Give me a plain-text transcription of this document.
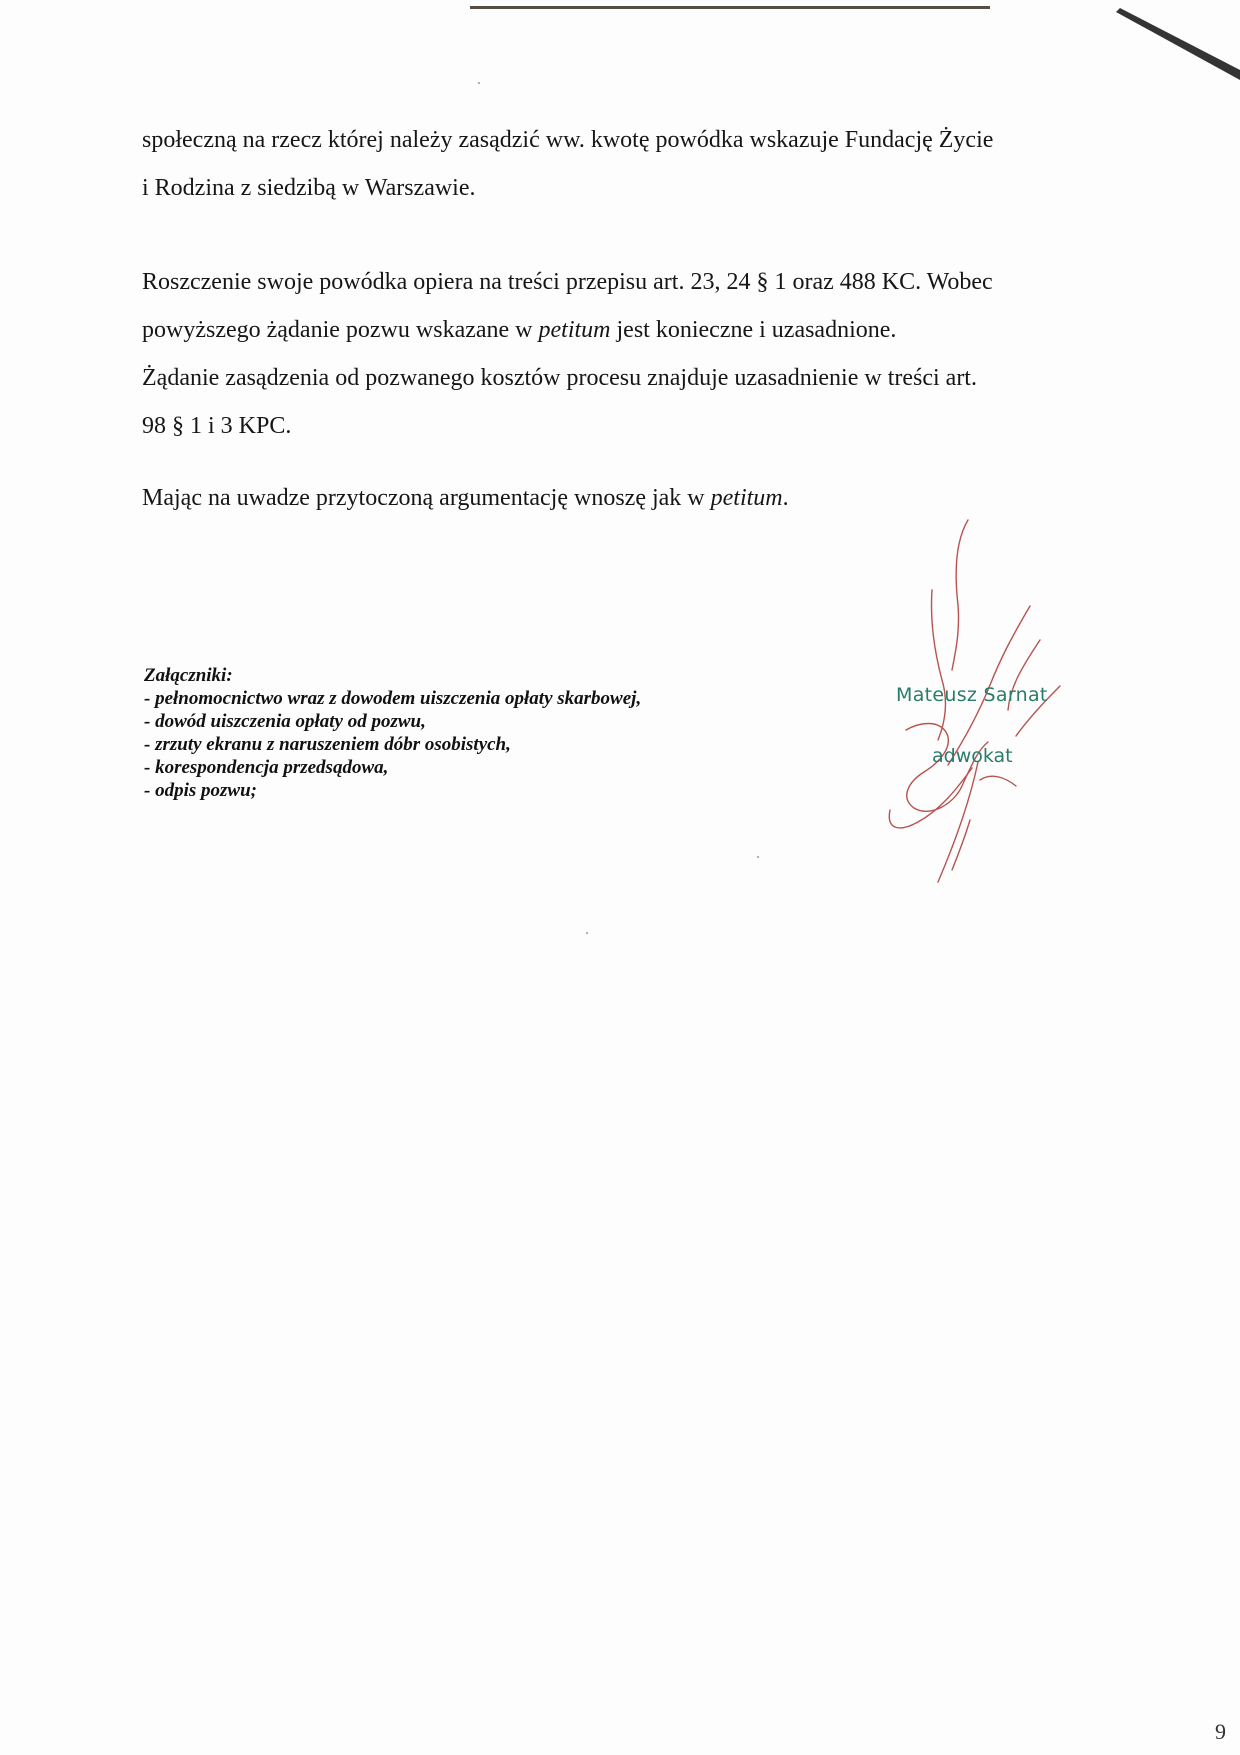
społeczną na rzecz której należy zasądzić ww. kwotę powódka wskazuje Fundację Życie

i Rodzina z siedzibą w Warszawie.

Roszczenie swoje powódka opiera na treści przepisu art. 23, 24 § 1 oraz 488 KC. Wobec

powyższego żądanie pozwu wskazane w petitum jest konieczne i uzasadnione.

Żądanie zasądzenia od pozwanego kosztów procesu znajduje uzasadnienie w treści art.

98 § 1 i 3 KPC.

Mając na uwadze przytoczoną argumentację wnoszę jak w petitum.

Załączniki:
- pełnomocnictwo wraz z dowodem uiszczenia opłaty skarbowej,
- dowód uiszczenia opłaty od pozwu,
- zrzuty ekranu z naruszeniem dóbr osobistych,
- korespondencja przedsądowa,
- odpis pozwu;
Mateusz Sarnat
adwokat
9
